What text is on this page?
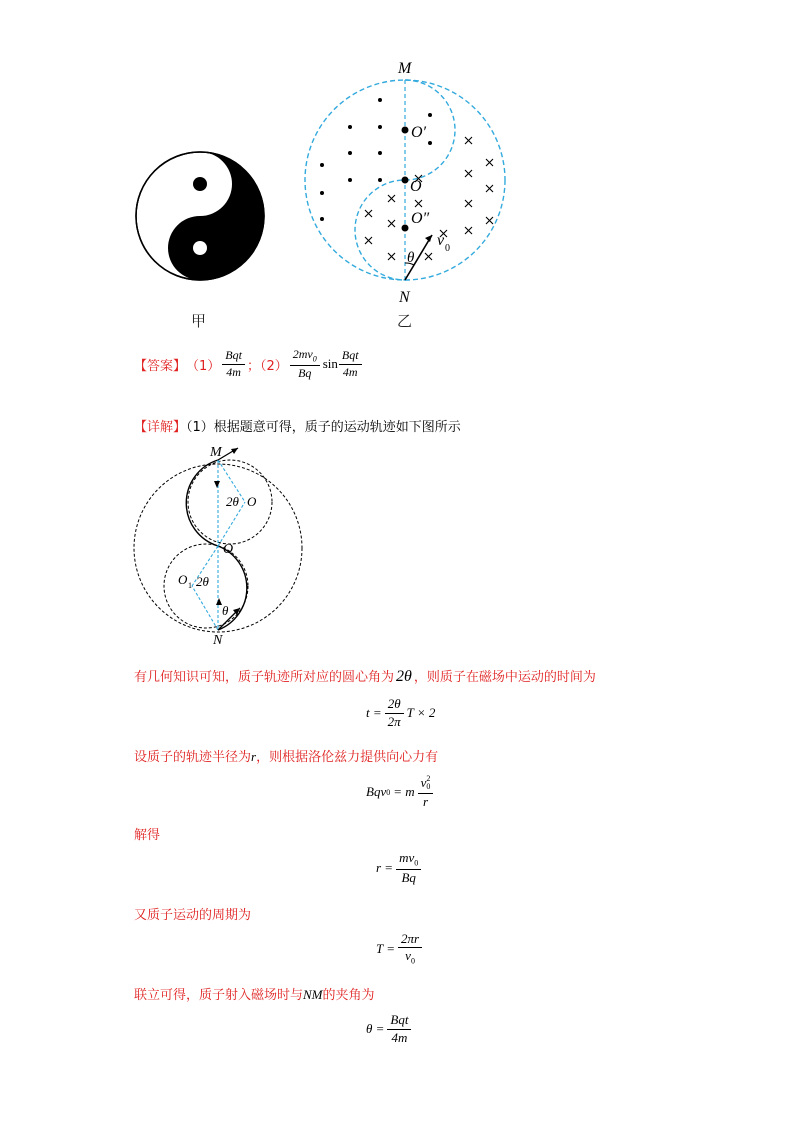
甲
M
N
O
O′
O″
θ
v 0
乙
【答案】 $(1) \frac{\text{Bqt}}{4m}$ ；$(2) \frac{2mv_0}{Bq}$ $\sin \frac{\text{Bqt}}{4m}$
【详解】（1）根据题意可得，质子的运动轨迹如下图所示
M
N
O
2θ O
O 1 2θ
θ
有几何知识可知，质子轨迹所对应的圆心角为 2θ ，则质子在磁场中运动的时间为
$t = \frac{2\theta}{2\pi}$ T × 2
设质子的轨迹半径为r，则根据洛伦兹力提供向心力有
Bqv 0 = m v 2
0
r
解得
$r = \frac{mv_0}{Bq}$
又质子运动的周期为
$T = \frac{2\pi r}{v_0}$
联立可得，质子射入磁场时与NM的夹角为
$\theta = \frac{\text{Bqt}}{4m}$
